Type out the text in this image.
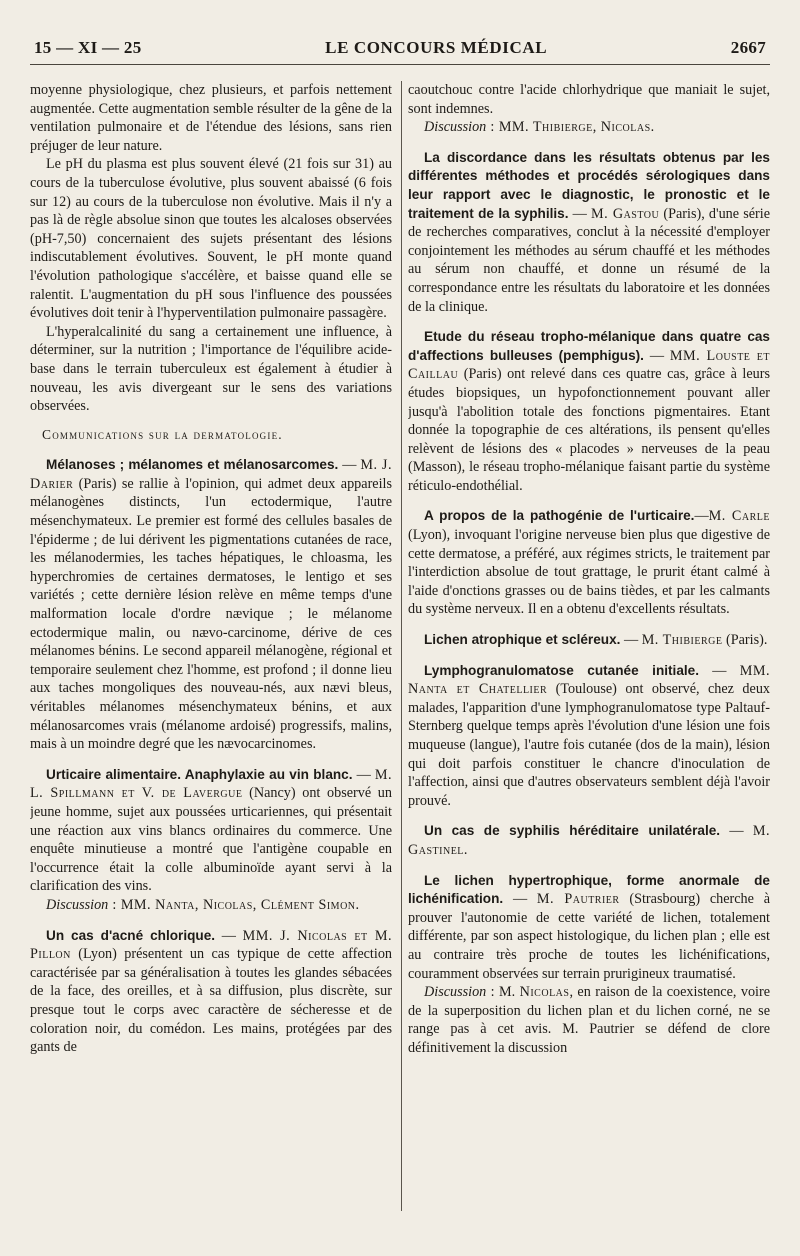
15 — XI — 25	LE CONCOURS MÉDICAL	2667

moyenne physiologique, chez plusieurs, et parfois nettement augmentée. Cette augmentation semble résulter de la gêne de la ventilation pulmonaire et de l'étendue des lésions, sans rien préjuger de leur nature.

Le pH du plasma est plus souvent élevé (21 fois sur 31) au cours de la tuberculose évolutive, plus souvent abaissé (6 fois sur 12) au cours de la tuberculose non évolutive. Mais il n'y a pas là de règle absolue sinon que toutes les alcaloses observées (pH-7,50) concernaient des sujets présentant des lésions indiscutablement évolutives. Souvent, le pH monte quand l'évolution pathologique s'accélère, et baisse quand elle se ralentit. L'augmentation du pH sous l'influence des poussées évolutives doit tenir à l'hyperventilation pulmonaire passagère.

L'hyperalcalinité du sang a certainement une influence, à déterminer, sur la nutrition ; l'importance de l'équilibre acide-base dans le terrain tuberculeux est également à étudier à nouveau, les avis divergeant sur le sens des variations observées.

Communications sur la dermatologie.

Mélanoses ; mélanomes et mélanosarcomes. — M. J. Darier (Paris) se rallie à l'opinion, qui admet deux appareils mélanogènes distincts, l'un ectodermique, l'autre mésenchymateux. Le premier est formé des cellules basales de l'épiderme ; de lui dérivent les pigmentations cutanées de race, les mélanodermies, les taches hépatiques, le chloasma, les hyperchromies de certaines dermatoses, le lentigo et ses variétés ; cette dernière lésion relève en même temps d'une malformation locale d'ordre nævique ; le mélanome ectodermique malin, ou nævo-carcinome, dérive de ces mélanomes bénins. Le second appareil mélanogène, régional et temporaire seulement chez l'homme, est profond ; il donne lieu aux taches mongoliques des nouveau-nés, aux nævi bleus, véritables mélanomes mésenchymateux bénins, et aux mélanosarcomes vrais (mélanome ardoisé) progressifs, malins, mais à un moindre degré que les nævocarcinomes.

Urticaire alimentaire. Anaphylaxie au vin blanc. — M. L. Spillmann et V. de Lavergue (Nancy) ont observé un jeune homme, sujet aux poussées urticariennes, qui présentait une réaction aux vins blancs ordinaires du commerce. Une enquête minutieuse a montré que l'antigène coupable en l'occurrence était la colle albuminoïde ayant servi à la clarification des vins.

Discussion : MM. Nanta, Nicolas, Clément Simon.

Un cas d'acné chlorique. — MM. J. Nicolas et M. Pillon (Lyon) présentent un cas typique de cette affection caractérisée par sa généralisation à toutes les glandes sébacées de la face, des oreilles, et à sa diffusion, plus discrète, sur presque tout le corps avec caractère de sécheresse et de coloration noir, du comédon. Les mains, protégées par des gants de

caoutchouc contre l'acide chlorhydrique que maniait le sujet, sont indemnes.

Discussion : MM. Thibierge, Nicolas.

La discordance dans les résultats obtenus par les différentes méthodes et procédés sérologiques dans leur rapport avec le diagnostic, le pronostic et le traitement de la syphilis. — M. Gastou (Paris), d'une série de recherches comparatives, conclut à la nécessité d'employer conjointement les méthodes au sérum chauffé et les méthodes au sérum non chauffé, et donne un résumé de la correspondance entre les résultats du laboratoire et les données de la clinique.

Etude du réseau tropho-mélanique dans quatre cas d'affections bulleuses (pemphigus). — MM. Louste et Caillau (Paris) ont relevé dans ces quatre cas, grâce à leurs études biopsiques, un hypofonctionnement pouvant aller jusqu'à l'abolition totale des fonctions pigmentaires. Etant donnée la topographie de ces altérations, ils pensent qu'elles relèvent de lésions des « placodes » nerveuses de la peau (Masson), le réseau tropho-mélanique faisant partie du système réticulo-endothélial.

A propos de la pathogénie de l'urticaire.—M. Carle (Lyon), invoquant l'origine nerveuse bien plus que digestive de cette dermatose, a préféré, aux régimes stricts, le traitement par l'interdiction absolue de tout grattage, le prurit étant calmé à l'aide d'onctions grasses ou de bains tièdes, et par les calmants du système nerveux. Il en a obtenu d'excellents résultats.

Lichen atrophique et scléreux. — M. Thibierge (Paris).

Lymphogranulomatose cutanée initiale. — MM. Nanta et Chatellier (Toulouse) ont observé, chez deux malades, l'apparition d'une lymphogranulomatose type Paltauf-Sternberg quelque temps après l'évolution d'une lésion une fois muqueuse (langue), l'autre fois cutanée (dos de la main), lésion qui doit parfois constituer le chancre d'inoculation de l'affection, ainsi que d'autres observateurs semblent déjà l'avoir prouvé.

Un cas de syphilis héréditaire unilatérale. — M. Gastinel.

Le lichen hypertrophique, forme anormale de lichénification. — M. Pautrier (Strasbourg) cherche à prouver l'autonomie de cette variété de lichen, totalement différente, par son aspect histologique, du lichen plan ; elle est au contraire très proche de toutes les lichénifications, couramment observées sur terrain prurigineux traumatisé.

Discussion : M. Nicolas, en raison de la coexistence, voire de la superposition du lichen plan et du lichen corné, ne se range pas à cet avis. M. Pautrier se défend de clore définitivement la discussion
